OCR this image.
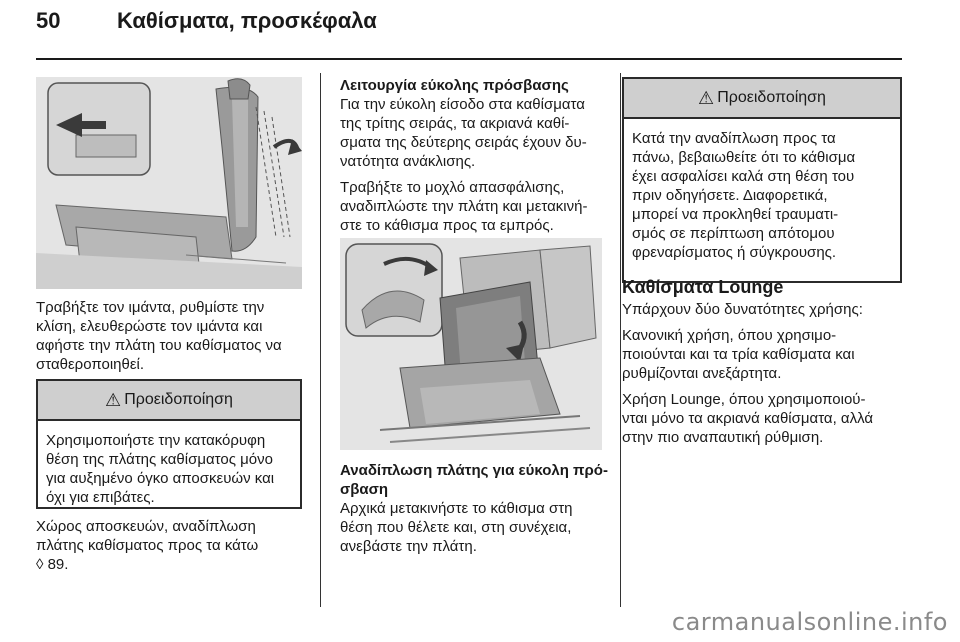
50	Καθίσματα, προσκέφαλα
Τραβήξτε τον ιμάντα, ρυθμίστε την
κλίση, ελευθερώστε τον ιμάντα και
αφήστε την πλάτη του καθίσματος να
σταθεροποιηθεί.
⚠ Προειδοποίηση
Χρησιμοποιήστε την κατακόρυφη
θέση της πλάτης καθίσματος μόνο
για αυξημένο όγκο αποσκευών και
όχι για επιβάτες.
Χώρος αποσκευών, αναδίπλωση
πλάτης καθίσματος προς τα κάτω
◊ 89.
Λειτουργία εύκολης πρόσβασης

Για την εύκολη είσοδο στα καθίσματα
της τρίτης σειράς, τα ακριανά καθί-
σματα της δεύτερης σειράς έχουν δυ-
νατότητα ανάκλισης.

Τραβήξτε το μοχλό απασφάλισης,
αναδιπλώστε την πλάτη και μετακινή-
στε το κάθισμα προς τα εμπρός.

Αναδίπλωση πλάτης για εύκολη πρό-
σβαση
Αρχικά μετακινήστε το κάθισμα στη
θέση που θέλετε και, στη συνέχεια,
ανεβάστε την πλάτη.
⚠ Προειδοποίηση
Κατά την αναδίπλωση προς τα
πάνω, βεβαιωθείτε ότι το κάθισμα
έχει ασφαλίσει καλά στη θέση του
πριν οδηγήσετε. Διαφορετικά,
μπορεί να προκληθεί τραυματι-
σμός σε περίπτωση απότομου
φρεναρίσματος ή σύγκρουσης.
Καθίσματα Lounge

Υπάρχουν δύο δυνατότητες χρήσης:

Κανονική χρήση, όπου χρησιμο-
ποιούνται και τα τρία καθίσματα και
ρυθμίζονται ανεξάρτητα.

Χρήση Lounge, όπου χρησιμοποιού-
νται μόνο τα ακριανά καθίσματα, αλλά
στην πιο αναπαυτική ρύθμιση.

carmanualsonline.info
